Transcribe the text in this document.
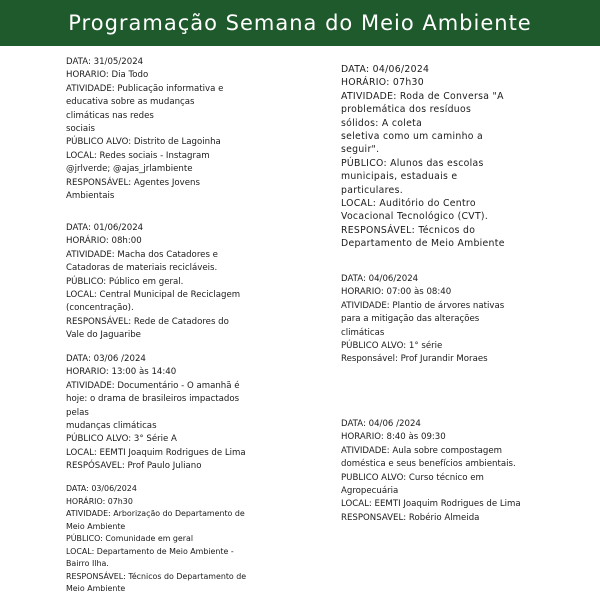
Programação Semana do Meio Ambiente
DATA: 31/05/2024
HORARIO: Dia Todo
ATIVIDADE: Publicação informativa e
educativa sobre as mudanças
climáticas nas redes
sociais
PÚBLICO ALVO: Distrito de Lagoinha
LOCAL: Redes sociais - Instagram
@jrlverde; @ajas_jrlambiente
RESPONSÁVEL: Agentes Jovens
Ambientais
DATA: 01/06/2024
HORÁRIO: 08h:00
ATIVIDADE: Macha dos Catadores e
Catadoras de materiais recicláveis.
PÚBLICO: Público em geral.
LOCAL: Central Municipal de Reciclagem
(concentração).
RESPONSÁVEL: Rede de Catadores do
Vale do Jaguaribe
DATA: 03/06 /2024
HORARIO: 13:00 às 14:40
ATIVIDADE: Documentário - O amanhã é
hoje: o drama de brasileiros impactados
pelas
mudanças climáticas
PÚBLICO ALVO: 3° Série A
LOCAL: EEMTI Joaquim Rodrigues de Lima
RESPÓSAVEL: Prof Paulo Juliano
DATA: 03/06/2024
HORÁRIO: 07h30
ATIVIDADE: Arborização do Departamento de
Meio Ambiente
PÚBLICO: Comunidade em geral
LOCAL: Departamento de Meio Ambiente -
Bairro Ilha.
RESPONSÁVEL: Técnicos do Departamento de
Meio Ambiente
DATA: 04/06/2024
HORÁRIO: 07h30
ATIVIDADE: Roda de Conversa "A
problemática dos resíduos
sólidos: A coleta
seletiva como um caminho a
seguir".
PÚBLICO: Alunos das escolas
municipais, estaduais e
particulares.
LOCAL: Auditório do Centro
Vocacional Tecnológico (CVT).
RESPONSÁVEL: Técnicos do
Departamento de Meio Ambiente
DATA: 04/06/2024
HORARIO: 07:00 às 08:40
ATIVIDADE: Plantio de árvores nativas
para a mitigação das alterações
climáticas
PÚBLICO ALVO: 1° série
Responsável: Prof Jurandir Moraes
DATA: 04/06 /2024
HORARIO: 8:40 às 09:30
ATIVIDADE: Aula sobre compostagem
doméstica e seus benefícios ambientais.
PUBLICO ALVO: Curso técnico em
Agropecuária
LOCAL: EEMTI Joaquim Rodrigues de Lima
RESPONSAVEL: Robério Almeida
